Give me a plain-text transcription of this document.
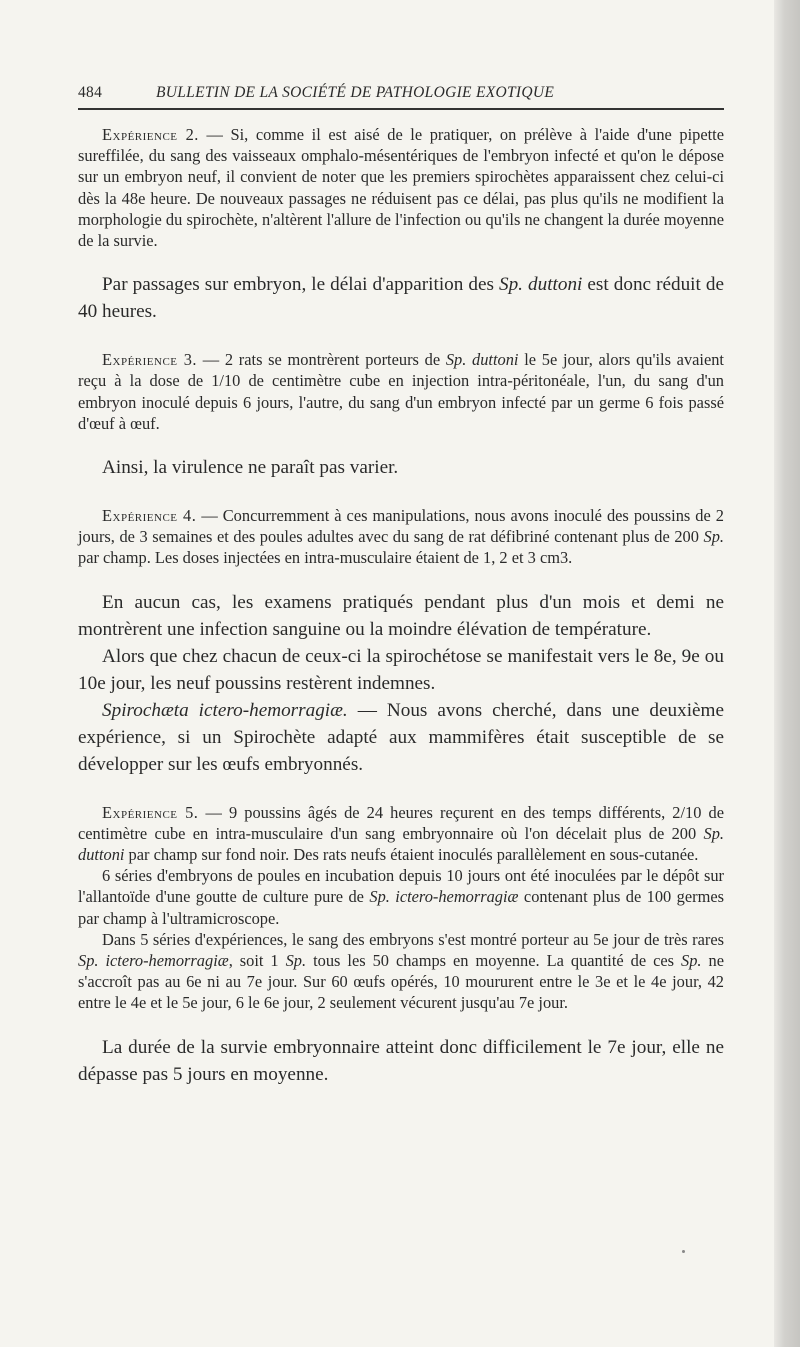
484	BULLETIN DE LA SOCIÉTÉ DE PATHOLOGIE EXOTIQUE

Expérience 2. — Si, comme il est aisé de le pratiquer, on prélève à l'aide d'une pipette sureffilée, du sang des vaisseaux omphalo-mésentériques de l'embryon infecté et qu'on le dépose sur un embryon neuf, il convient de noter que les premiers spirochètes apparaissent chez celui-ci dès la 48e heure. De nouveaux passages ne réduisent pas ce délai, pas plus qu'ils ne modifient la morphologie du spirochète, n'altèrent l'allure de l'infection ou qu'ils ne changent la durée moyenne de la survie.

Par passages sur embryon, le délai d'apparition des Sp. duttoni est donc réduit de 40 heures.

Expérience 3. — 2 rats se montrèrent porteurs de Sp. duttoni le 5e jour, alors qu'ils avaient reçu à la dose de 1/10 de centimètre cube en injection intra-péritonéale, l'un, du sang d'un embryon inoculé depuis 6 jours, l'autre, du sang d'un embryon infecté par un germe 6 fois passé d'œuf à œuf.

Ainsi, la virulence ne paraît pas varier.

Expérience 4. — Concurremment à ces manipulations, nous avons inoculé des poussins de 2 jours, de 3 semaines et des poules adultes avec du sang de rat défibriné contenant plus de 200 Sp. par champ. Les doses injectées en intra-musculaire étaient de 1, 2 et 3 cm3.

En aucun cas, les examens pratiqués pendant plus d'un mois et demi ne montrèrent une infection sanguine ou la moindre élévation de température.

Alors que chez chacun de ceux-ci la spirochétose se manifestait vers le 8e, 9e ou 10e jour, les neuf poussins restèrent indemnes.

Spirochæta ictero-hemorragiæ. — Nous avons cherché, dans une deuxième expérience, si un Spirochète adapté aux mammifères était susceptible de se développer sur les œufs embryonnés.

Expérience 5. — 9 poussins âgés de 24 heures reçurent en des temps différents, 2/10 de centimètre cube en intra-musculaire d'un sang embryonnaire où l'on décelait plus de 200 Sp. duttoni par champ sur fond noir. Des rats neufs étaient inoculés parallèlement en sous-cutanée.

6 séries d'embryons de poules en incubation depuis 10 jours ont été inoculées par le dépôt sur l'allantoïde d'une goutte de culture pure de Sp. ictero-hemorragiæ contenant plus de 100 germes par champ à l'ultramicroscope.

Dans 5 séries d'expériences, le sang des embryons s'est montré porteur au 5e jour de très rares Sp. ictero-hemorragiæ, soit 1 Sp. tous les 50 champs en moyenne. La quantité de ces Sp. ne s'accroît pas au 6e ni au 7e jour. Sur 60 œufs opérés, 10 moururent entre le 3e et le 4e jour, 42 entre le 4e et le 5e jour, 6 le 6e jour, 2 seulement vécurent jusqu'au 7e jour.

La durée de la survie embryonnaire atteint donc difficilement le 7e jour, elle ne dépasse pas 5 jours en moyenne.
